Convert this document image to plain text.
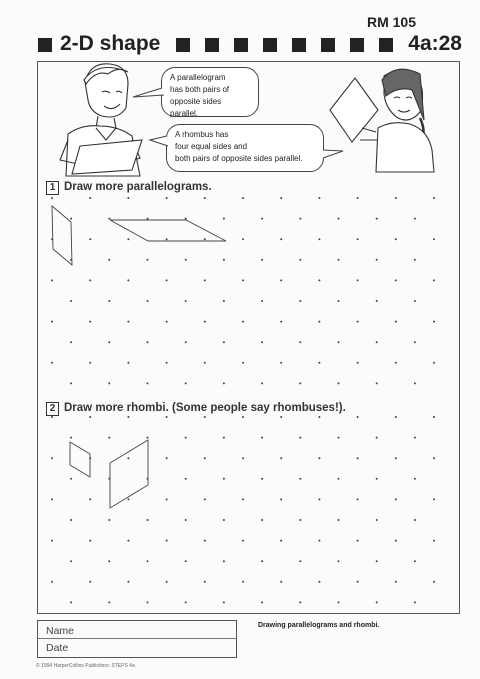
RM 105
2-D shape	4a:28
A parallelogram
has both pairs of
opposite sides parallel.
A rhombus has
four equal sides and
both pairs of opposite sides parallel.
1 Draw more parallelograms.
2 Draw more rhombi. (Some people say rhombuses!).
Name
Date
Drawing parallelograms and rhombi.
© 1994 HarperCollins Publishers: STEPS 4a
